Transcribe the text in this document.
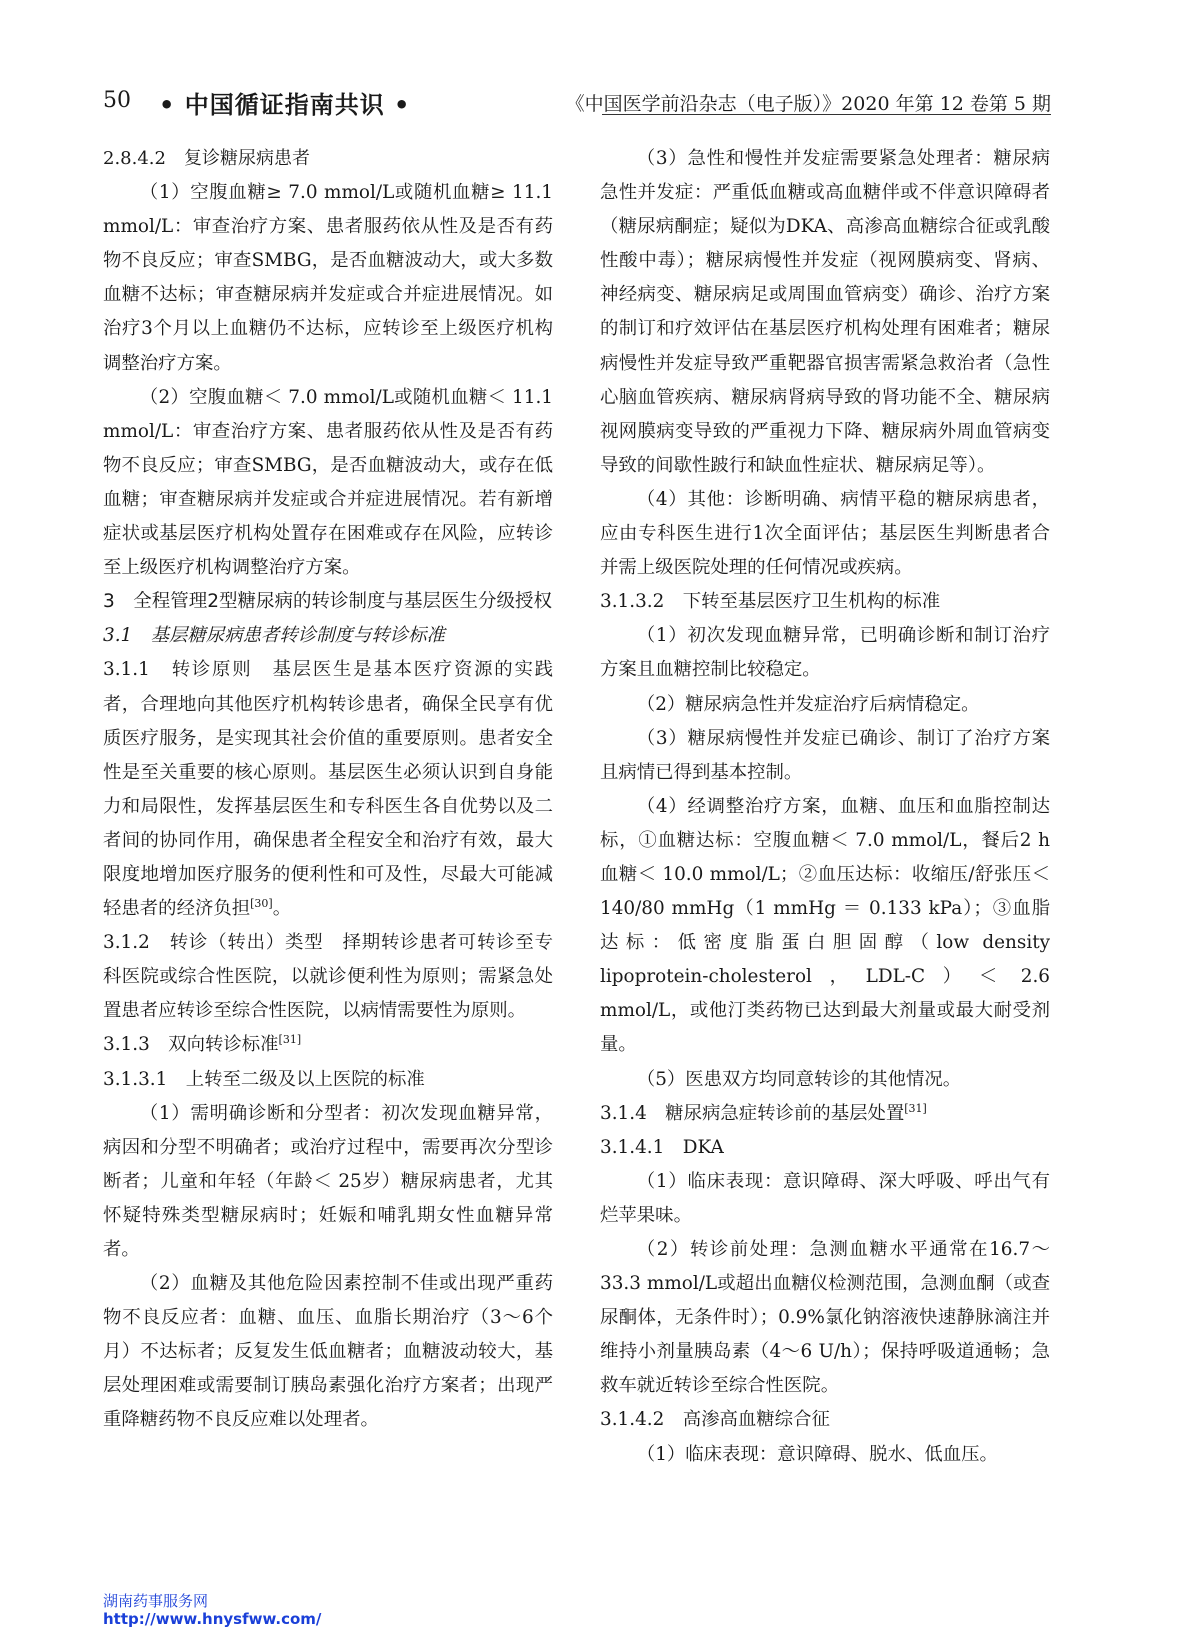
50 • 中国循证指南共识 •	《中国医学前沿杂志（电子版）》2020 年第 12 卷第 5 期

2.8.4.2　复诊糖尿病患者

（1）空腹血糖≥ 7.0 mmol/L或随机血糖≥ 11.1 mmol/L：审查治疗方案、患者服药依从性及是否有药物不良反应；审查SMBG，是否血糖波动大，或大多数血糖不达标；审查糖尿病并发症或合并症进展情况。如治疗3个月以上血糖仍不达标，应转诊至上级医疗机构调整治疗方案。

（2）空腹血糖＜ 7.0 mmol/L或随机血糖＜ 11.1 mmol/L：审查治疗方案、患者服药依从性及是否有药物不良反应；审查SMBG，是否血糖波动大，或存在低血糖；审查糖尿病并发症或合并症进展情况。若有新增症状或基层医疗机构处置存在困难或存在风险，应转诊至上级医疗机构调整治疗方案。

3　全程管理2型糖尿病的转诊制度与基层医生分级授权

3.1　基层糖尿病患者转诊制度与转诊标准

3.1.1　转诊原则　基层医生是基本医疗资源的实践者，合理地向其他医疗机构转诊患者，确保全民享有优质医疗服务，是实现其社会价值的重要原则。患者安全性是至关重要的核心原则。基层医生必须认识到自身能力和局限性，发挥基层医生和专科医生各自优势以及二者间的协同作用，确保患者全程安全和治疗有效，最大限度地增加医疗服务的便利性和可及性，尽最大可能减轻患者的经济负担[30]。

3.1.2　转诊（转出）类型　择期转诊患者可转诊至专科医院或综合性医院，以就诊便利性为原则；需紧急处置患者应转诊至综合性医院，以病情需要性为原则。

3.1.3　双向转诊标准[31]

3.1.3.1　上转至二级及以上医院的标准

（1）需明确诊断和分型者：初次发现血糖异常，病因和分型不明确者；或治疗过程中，需要再次分型诊断者；儿童和年轻（年龄＜ 25岁）糖尿病患者，尤其怀疑特殊类型糖尿病时；妊娠和哺乳期女性血糖异常者。

（2）血糖及其他危险因素控制不佳或出现严重药物不良反应者：血糖、血压、血脂长期治疗（3～6个月）不达标者；反复发生低血糖者；血糖波动较大，基层处理困难或需要制订胰岛素强化治疗方案者；出现严重降糖药物不良反应难以处理者。

（3）急性和慢性并发症需要紧急处理者：糖尿病急性并发症：严重低血糖或高血糖伴或不伴意识障碍者（糖尿病酮症；疑似为DKA、高渗高血糖综合征或乳酸性酸中毒）；糖尿病慢性并发症（视网膜病变、肾病、神经病变、糖尿病足或周围血管病变）确诊、治疗方案的制订和疗效评估在基层医疗机构处理有困难者；糖尿病慢性并发症导致严重靶器官损害需紧急救治者（急性心脑血管疾病、糖尿病肾病导致的肾功能不全、糖尿病视网膜病变导致的严重视力下降、糖尿病外周血管病变导致的间歇性跛行和缺血性症状、糖尿病足等）。

（4）其他：诊断明确、病情平稳的糖尿病患者，应由专科医生进行1次全面评估；基层医生判断患者合并需上级医院处理的任何情况或疾病。

3.1.3.2　下转至基层医疗卫生机构的标准

（1）初次发现血糖异常，已明确诊断和制订治疗方案且血糖控制比较稳定。

（2）糖尿病急性并发症治疗后病情稳定。

（3）糖尿病慢性并发症已确诊、制订了治疗方案且病情已得到基本控制。

（4）经调整治疗方案，血糖、血压和血脂控制达标，①血糖达标：空腹血糖＜ 7.0 mmol/L，餐后2 h血糖＜ 10.0 mmol/L；②血压达标：收缩压/舒张压＜ 140/80 mmHg（1 mmHg ＝ 0.133 kPa）；③血脂达标：低密度脂蛋白胆固醇（low density lipoprotein-cholesterol，LDL-C）＜ 2.6 mmol/L，或他汀类药物已达到最大剂量或最大耐受剂量。

（5）医患双方均同意转诊的其他情况。

3.1.4　糖尿病急症转诊前的基层处置[31]

3.1.4.1　DKA

（1）临床表现：意识障碍、深大呼吸、呼出气有烂苹果味。

（2）转诊前处理：急测血糖水平通常在16.7～33.3 mmol/L或超出血糖仪检测范围，急测血酮（或查尿酮体，无条件时）；0.9%氯化钠溶液快速静脉滴注并维持小剂量胰岛素（4～6 U/h）；保持呼吸道通畅；急救车就近转诊至综合性医院。

3.1.4.2　高渗高血糖综合征

（1）临床表现：意识障碍、脱水、低血压。

湖南药事服务网
http://www.hnysfww.com/
